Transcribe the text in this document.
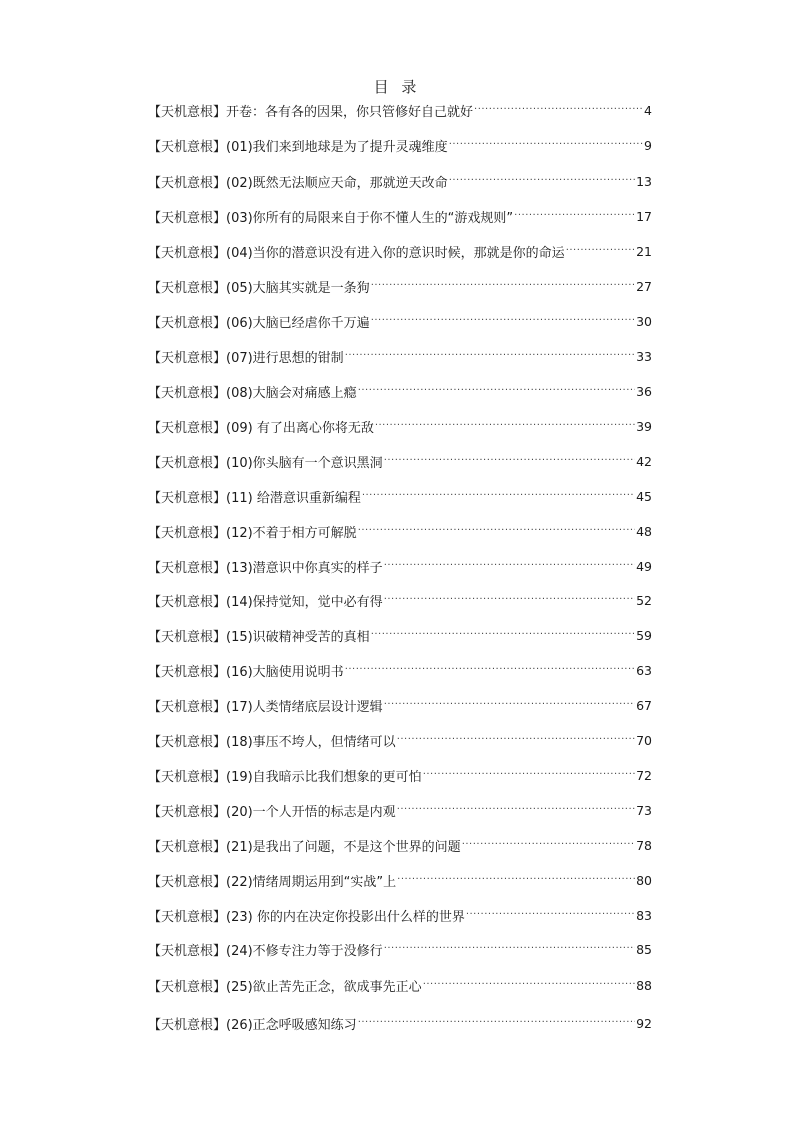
目 录
【天机意根】开卷：各有各的因果，你只管修好自己就好 ·····	4
【天机意根】(01)我们来到地球是为了提升灵魂维度 ·····	9
【天机意根】(02)既然无法顺应天命，那就逆天改命 ·····	13
【天机意根】(03)你所有的局限来自于你不懂人生的“游戏规则” ·····	17
【天机意根】(04)当你的潜意识没有进入你的意识时候，那就是你的命运 ·····	21
【天机意根】(05)大脑其实就是一条狗 ·····	27
【天机意根】(06)大脑已经虐你千万遍 ·····	30
【天机意根】(07)进行思想的钳制 ·····	33
【天机意根】(08)大脑会对痛感上瘾 ·····	36
【天机意根】(09) 有了出离心你将无敌 ·····	39
【天机意根】(10)你头脑有一个意识黑洞 ·····	42
【天机意根】(11) 给潜意识重新编程 ·····	45
【天机意根】(12)不着于相方可解脱 ·····	48
【天机意根】(13)潜意识中你真实的样子 ·····	49
【天机意根】(14)保持觉知，觉中必有得 ·····	52
【天机意根】(15)识破精神受苦的真相 ·····	59
【天机意根】(16)大脑使用说明书 ·····	63
【天机意根】(17)人类情绪底层设计逻辑 ·····	67
【天机意根】(18)事压不垮人，但情绪可以 ·····	70
【天机意根】(19)自我暗示比我们想象的更可怕 ·····	72
【天机意根】(20)一个人开悟的标志是内观 ·····	73
【天机意根】(21)是我出了问题，不是这个世界的问题 ·····	78
【天机意根】(22)情绪周期运用到“实战”上 ·····	80
【天机意根】(23) 你的内在决定你投影出什么样的世界 ·····	83
【天机意根】(24)不修专注力等于没修行 ·····	85
【天机意根】(25)欲止苦先正念，欲成事先正心 ·····	88
【天机意根】(26)正念呼吸感知练习 ·····	92
